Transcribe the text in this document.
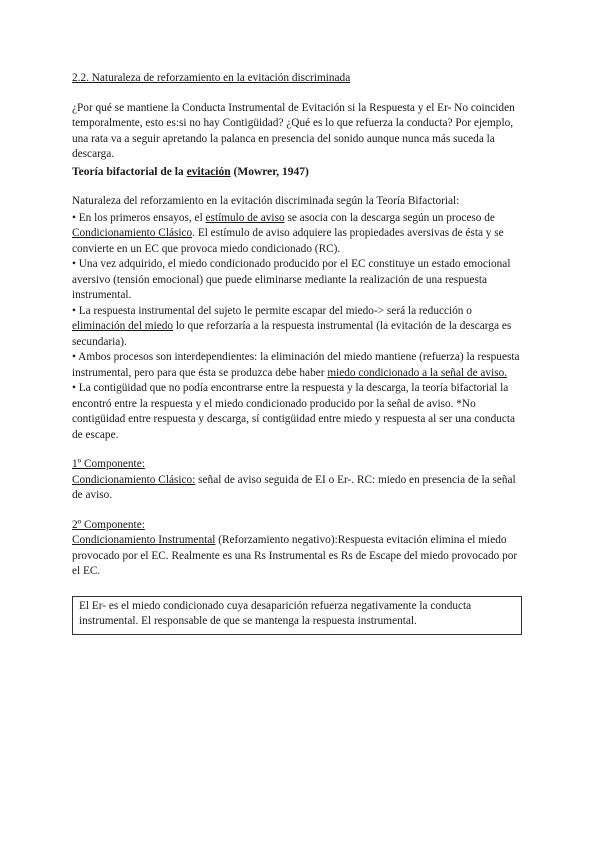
2.2. Naturaleza de reforzamiento en la evitación discriminada

¿Por qué se mantiene la Conducta Instrumental de Evitación si la Respuesta y el Er- No coinciden temporalmente, esto es:si no hay Contigüidad? ¿Qué es lo que refuerza la conducta? Por ejemplo, una rata va a seguir apretando la palanca en presencia del sonido aunque nunca más suceda la descarga.

Teoría bifactorial de la evitación (Mowrer, 1947)

Naturaleza del reforzamiento en la evitación discriminada según la Teoría Bifactorial:

• En los primeros ensayos, el estímulo de aviso se asocia con la descarga según un proceso de Condicionamiento Clásico. El estímulo de aviso adquiere las propiedades aversivas de ésta y se convierte en un EC que provoca miedo condicionado (RC).

• Una vez adquirido, el miedo condicionado producido por el EC constituye un estado emocional aversivo (tensión emocional) que puede eliminarse mediante la realización de una respuesta instrumental.

• La respuesta instrumental del sujeto le permite escapar del miedo-> será la reducción o eliminación del miedo lo que reforzaría a la respuesta instrumental (la evitación de la descarga es secundaria).

• Ambos procesos son interdependientes: la eliminación del miedo mantiene (refuerza) la respuesta instrumental, pero para que ésta se produzca debe haber miedo condicionado a la señal de aviso.

• La contigüidad que no podía encontrarse entre la respuesta y la descarga, la teoría bifactorial la encontró entre la respuesta y el miedo condicionado producido por la señal de aviso. *No contigüidad entre respuesta y descarga, sí contigüidad entre miedo y respuesta al ser una conducta de escape.

1º Componente:

Condicionamiento Clásico: señal de aviso seguida de EI o Er-. RC: miedo en presencia de la señal de aviso.

2º Componente:

Condicionamiento Instrumental (Reforzamiento negativo):Respuesta evitación elimina el miedo provocado por el EC. Realmente es una Rs Instrumental es Rs de Escape del miedo provocado por el EC.

El Er- es el miedo condicionado cuya desaparición refuerza negativamente la conducta instrumental. El responsable de que se mantenga la respuesta instrumental.
